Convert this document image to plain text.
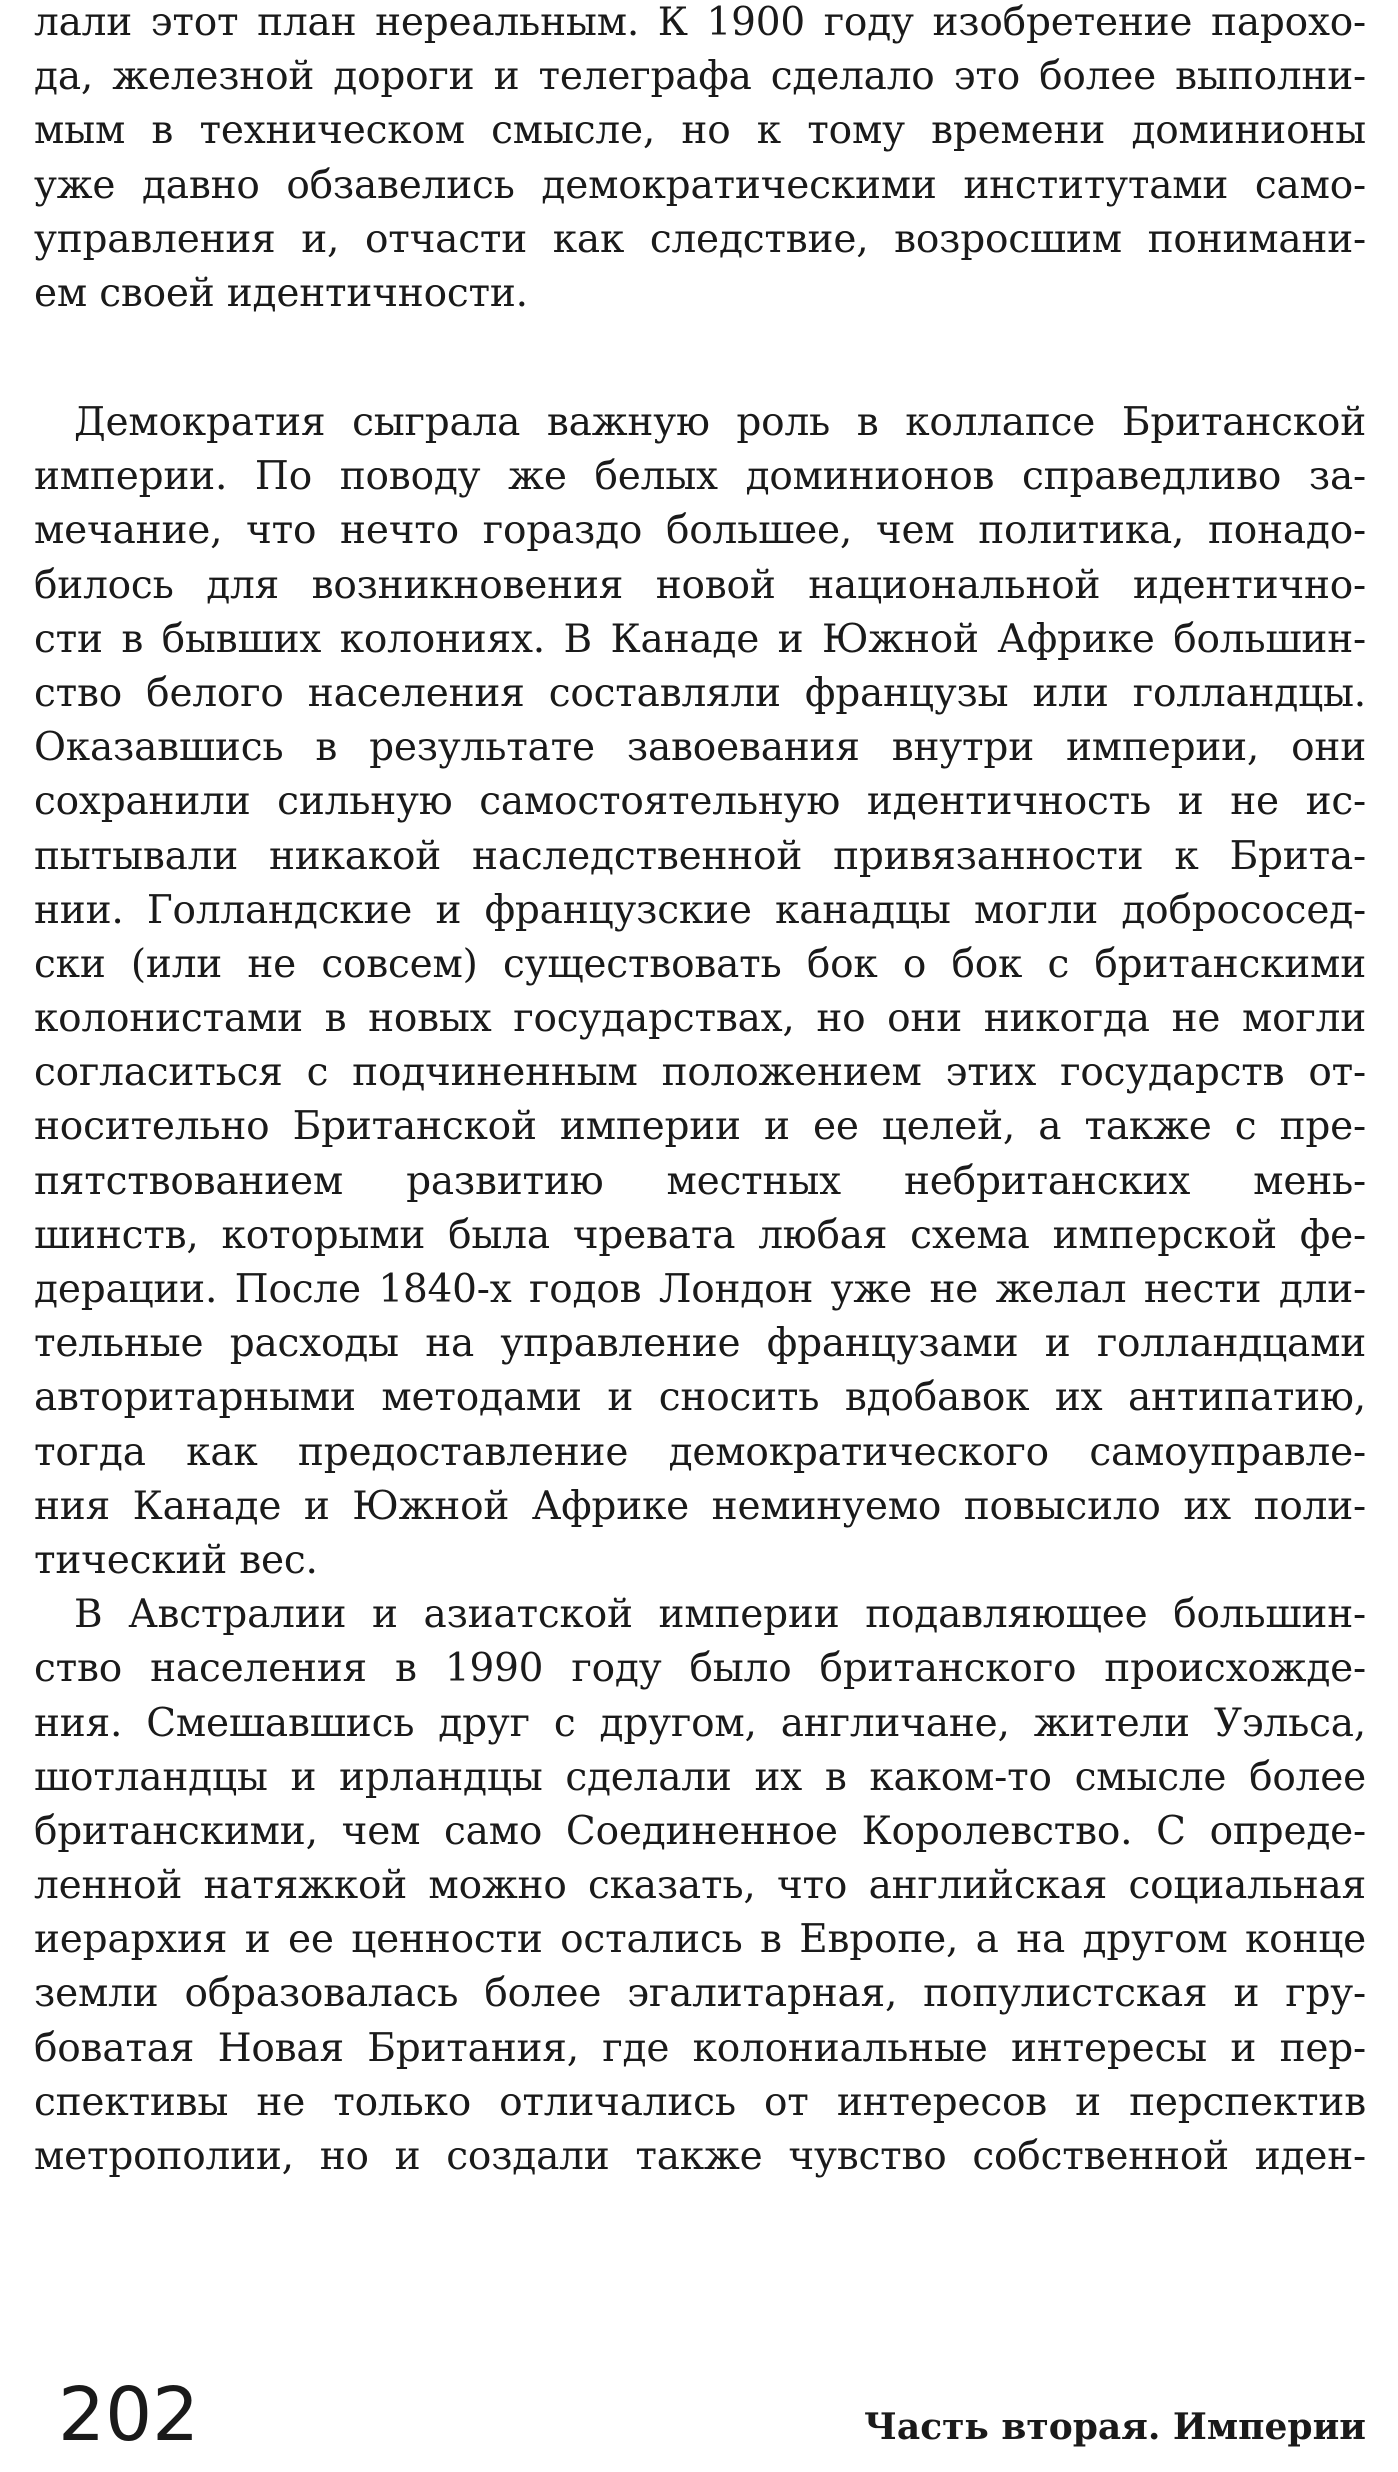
лали этот план нереальным. К 1900 году изобретение парохо-
да, железной дороги и телеграфа сделало это более выполни-
мым в техническом смысле, но к тому времени доминионы
уже давно обзавелись демократическими институтами само-
управления и, отчасти как следствие, возросшим понимани-
ем своей идентичности.
Демократия сыграла важную роль в коллапсе Британской
империи. По поводу же белых доминионов справедливо за-
мечание, что нечто гораздо большее, чем политика, понадо-
билось для возникновения новой национальной идентично-
сти в бывших колониях. В Канаде и Южной Африке большин-
ство белого населения составляли французы или голландцы.
Оказавшись в результате завоевания внутри империи, они
сохранили сильную самостоятельную идентичность и не ис-
пытывали никакой наследственной привязанности к Брита-
нии. Голландские и французские канадцы могли добрососед-
ски (или не совсем) существовать бок о бок с британскими
колонистами в новых государствах, но они никогда не могли
согласиться с подчиненным положением этих государств от-
носительно Британской империи и ее целей, а также с пре-
пятствованием развитию местных небританских мень-
шинств, которыми была чревата любая схема имперской фе-
дерации. После 1840-х годов Лондон уже не желал нести дли-
тельные расходы на управление французами и голландцами
авторитарными методами и сносить вдобавок их антипатию,
тогда как предоставление демократического самоуправле-
ния Канаде и Южной Африке неминуемо повысило их поли-
тический вес.
В Австралии и азиатской империи подавляющее большин-
ство населения в 1990 году было британского происхожде-
ния. Смешавшись друг с другом, англичане, жители Уэльса,
шотландцы и ирландцы сделали их в каком-то смысле более
британскими, чем само Соединенное Королевство. С опреде-
ленной натяжкой можно сказать, что английская социальная
иерархия и ее ценности остались в Европе, а на другом конце
земли образовалась более эгалитарная, популистская и гру-
боватая Новая Британия, где колониальные интересы и пер-
спективы не только отличались от интересов и перспектив
метрополии, но и создали также чувство собственной иден-
202	Часть вторая. Империи
